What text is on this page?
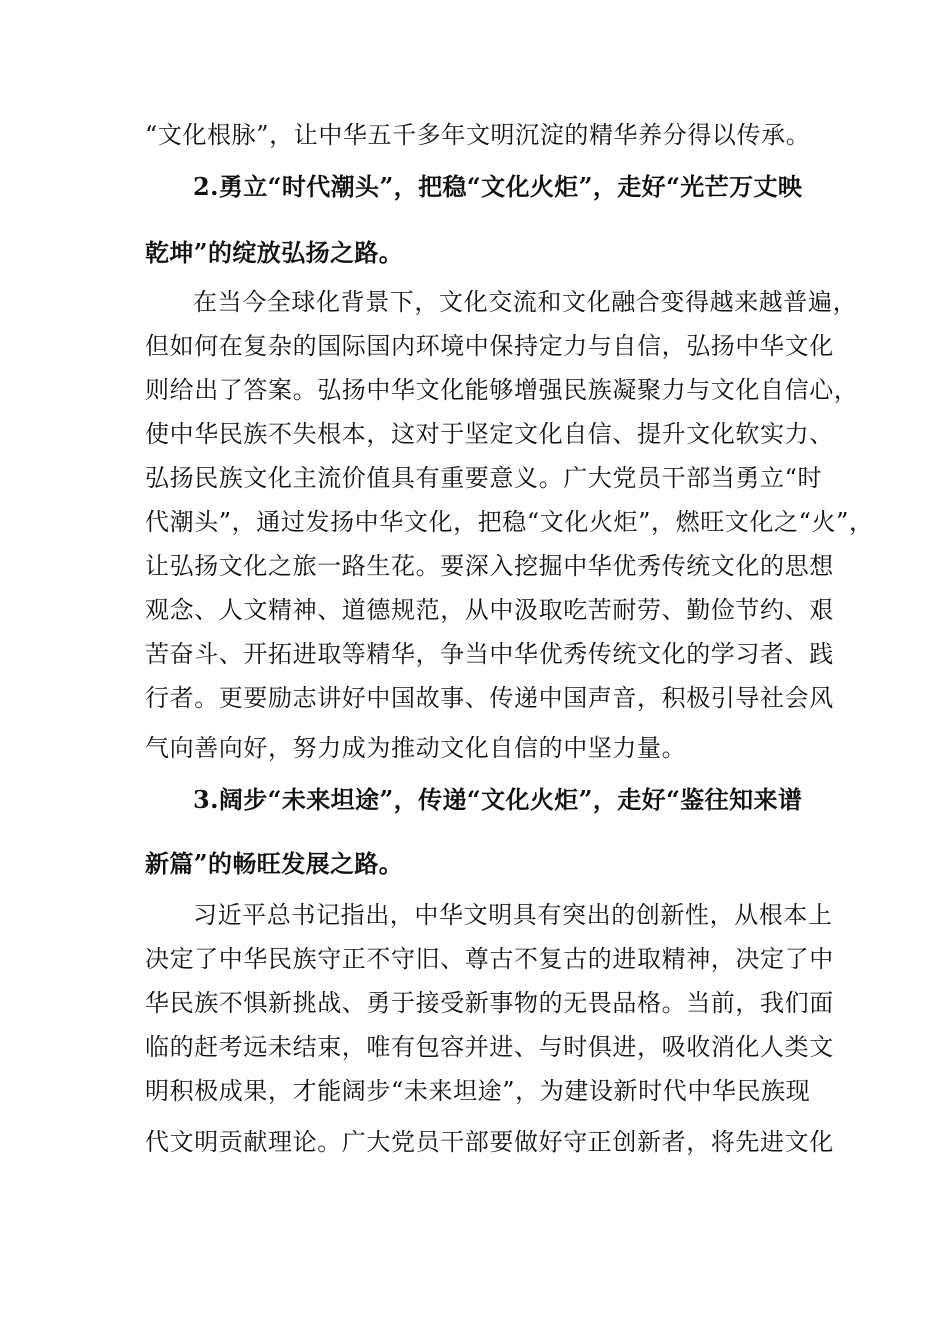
“文化根脉”，让中华五千多年文明沉淀的精华养分得以传承。
2.勇立“时代潮头”，把稳“文化火炬”，走好“光芒万丈映
乾坤”的绽放弘扬之路。
在当今全球化背景下，文化交流和文化融合变得越来越普遍，
但如何在复杂的国际国内环境中保持定力与自信，弘扬中华文化
则给出了答案。弘扬中华文化能够增强民族凝聚力与文化自信心，
使中华民族不失根本，这对于坚定文化自信、提升文化软实力、
弘扬民族文化主流价值具有重要意义。广大党员干部当勇立“时
代潮头”，通过发扬中华文化，把稳“文化火炬”，燃旺文化之“火”，
让弘扬文化之旅一路生花。要深入挖掘中华优秀传统文化的思想
观念、人文精神、道德规范，从中汲取吃苦耐劳、勤俭节约、艰
苦奋斗、开拓进取等精华，争当中华优秀传统文化的学习者、践
行者。更要励志讲好中国故事、传递中国声音，积极引导社会风
气向善向好，努力成为推动文化自信的中坚力量。
3.阔步“未来坦途”，传递“文化火炬”，走好“鉴往知来谱
新篇”的畅旺发展之路。
习近平总书记指出，中华文明具有突出的创新性，从根本上
决定了中华民族守正不守旧、尊古不复古的进取精神，决定了中
华民族不惧新挑战、勇于接受新事物的无畏品格。当前，我们面
临的赶考远未结束，唯有包容并进、与时俱进，吸收消化人类文
明积极成果，才能阔步“未来坦途”，为建设新时代中华民族现
代文明贡献理论。广大党员干部要做好守正创新者，将先进文化
